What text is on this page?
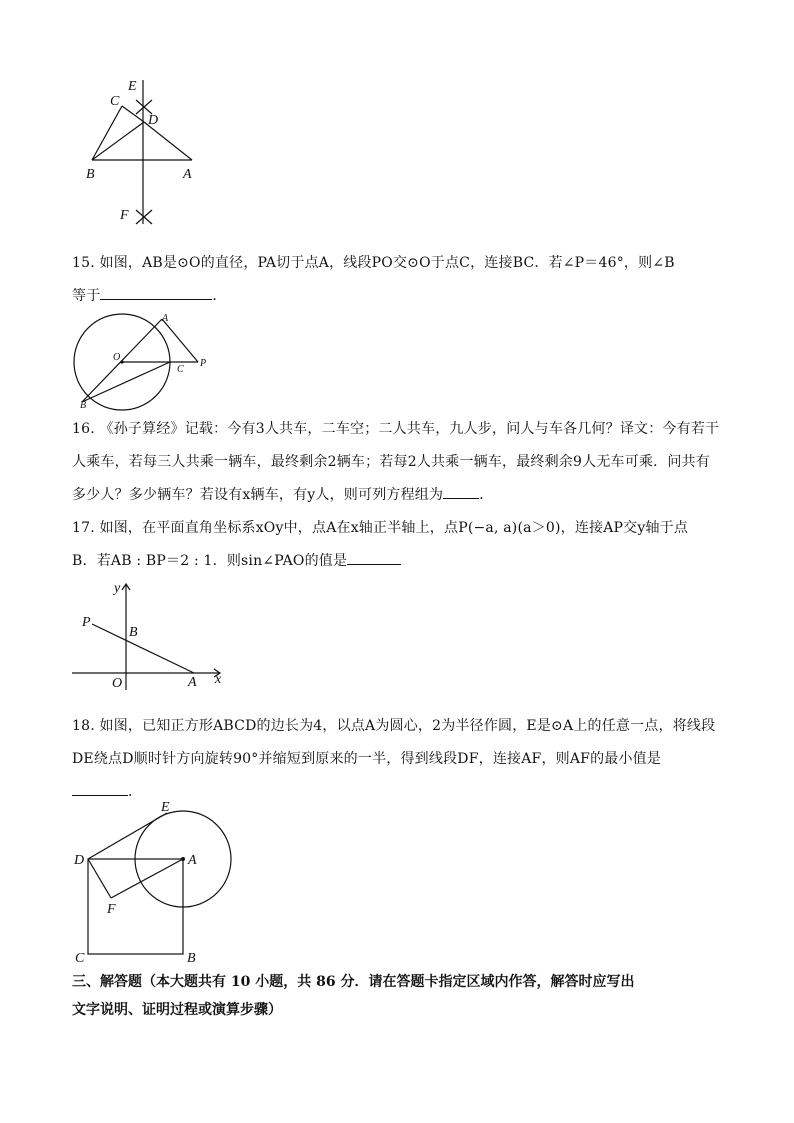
E
C
D
B	A
F
15. 如图，AB是⊙O的直径，PA切于点A，线段PO交⊙O于点C，连接BC．若∠P＝46°，则∠B
等于	．
A
O
C
P
B
16. 《孙子算经》记载：今有3人共车，二车空；二人共车，九人步，问人与车各几何？译文：今有若干
人乘车，若每三人共乘一辆车，最终剩余2辆车；若每2人共乘一辆车，最终剩余9人无车可乘．问共有
多少人？多少辆车？若设有x辆车，有y人，则可列方程组为	．
17. 如图，在平面直角坐标系xOy中，点A在x轴正半轴上，点P(−a, a)(a＞0)，连接AP交y轴于点
B．若AB : BP＝2 : 1．则sin∠PAO的值是
y
P
B
O	A x
18. 如图，已知正方形ABCD的边长为4，以点A为圆心，2为半径作圆，E是⊙A上的任意一点，将线段
DE绕点D顺时针方向旋转90°并缩短到原来的一半，得到线段DF，连接AF，则AF的最小值是
．
E
D	A
F
C	B
三、解答题（本大题共有 10 小题，共 86 分．请在答题卡指定区域内作答，解答时应写出
文字说明、证明过程或演算步骤）
